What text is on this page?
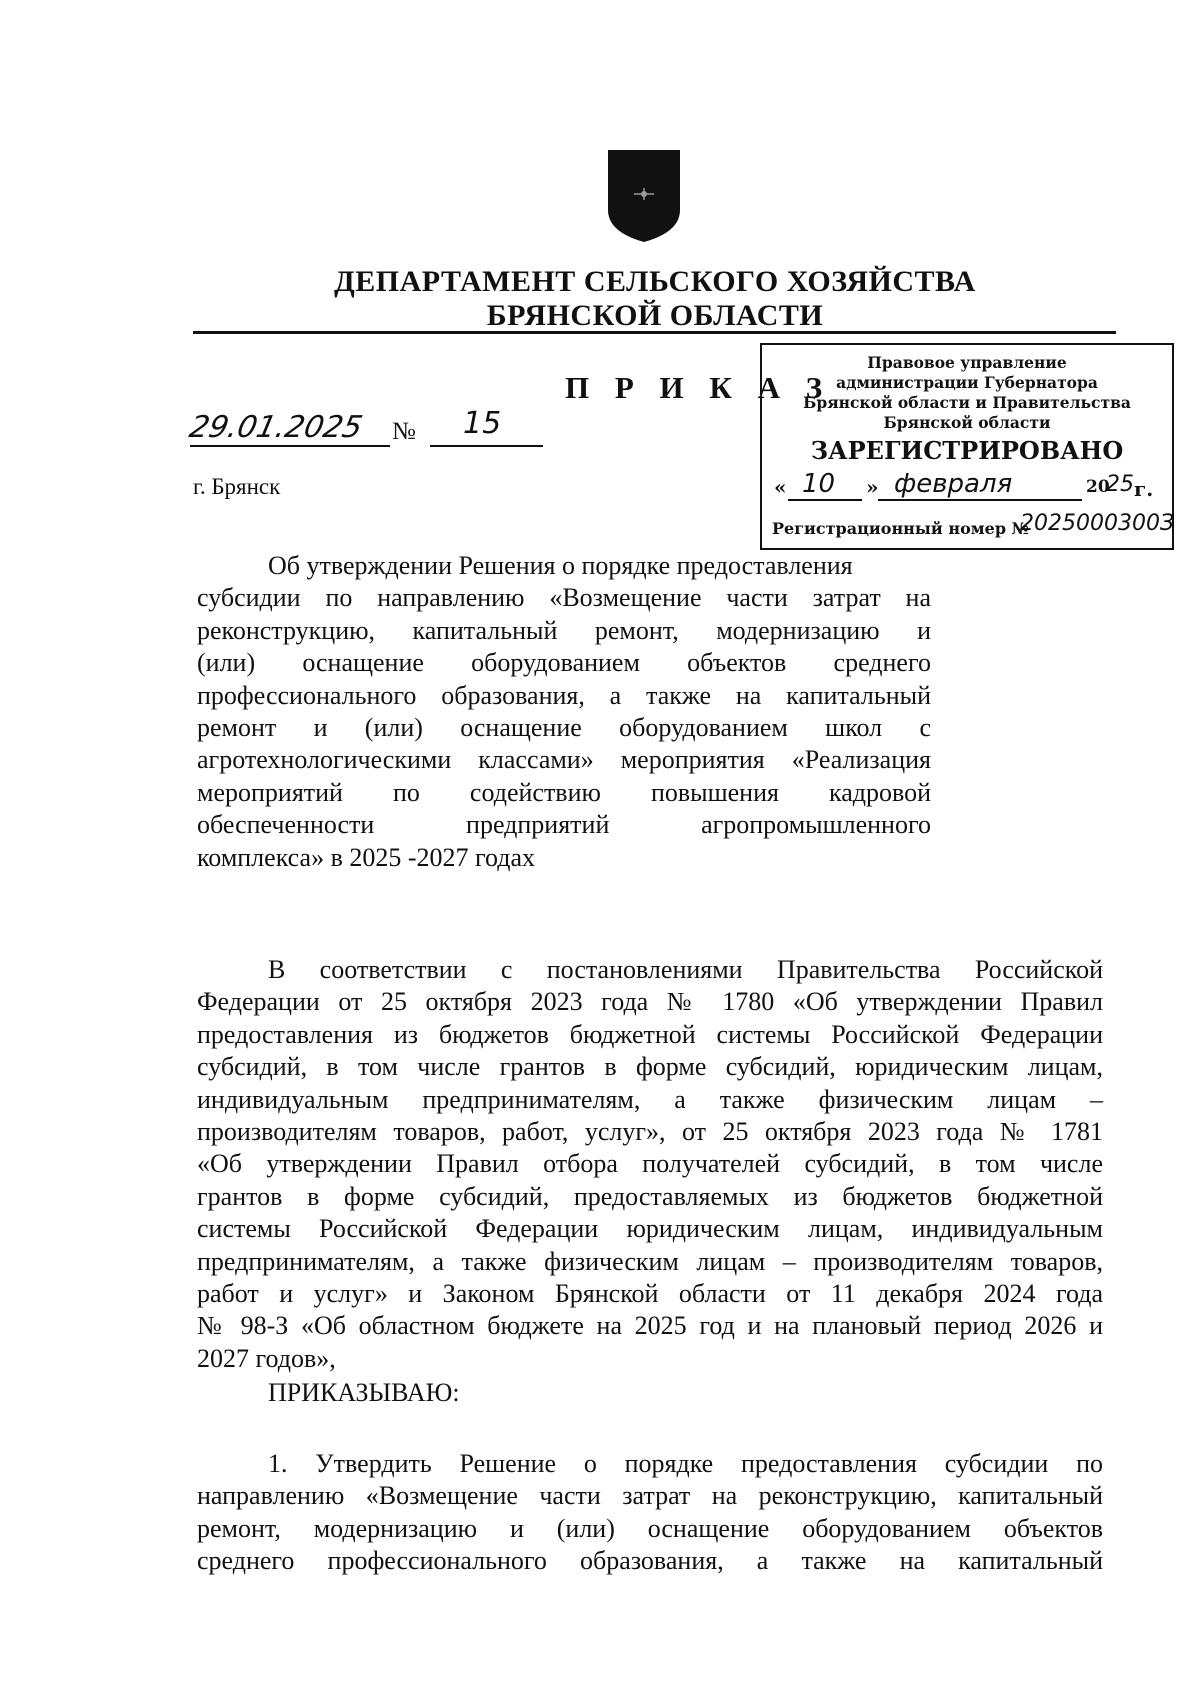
ДЕПАРТАМЕНТ СЕЛЬСКОГО ХОЗЯЙСТВА
БРЯНСКОЙ ОБЛАСТИ
П Р И К А З
29.01.2025 № 15
г. Брянск
Правовое управление
администрации Губернатора
Брянской области и Правительства
Брянской области
ЗАРЕГИСТРИРОВАНО
« 10 » февраля	20
25 г.
Регистрационный номер №
2025000300З
Об утверждении Решения о порядке предоставления
субсидии по направлению «Возмещение части затрат на
реконструкцию, капитальный ремонт, модернизацию и
(или) оснащение оборудованием объектов среднего
профессионального образования, а также на капитальный
ремонт и (или) оснащение оборудованием школ с
агротехнологическими классами» мероприятия «Реализация
мероприятий по содействию повышения кадровой
обеспеченности предприятий агропромышленного
комплекса» в 2025 -2027 годах
В соответствии с постановлениями Правительства Российской
Федерации от 25 октября 2023 года № 1780 «Об утверждении Правил
предоставления из бюджетов бюджетной системы Российской Федерации
субсидий, в том числе грантов в форме субсидий, юридическим лицам,
индивидуальным предпринимателям, а также физическим лицам –
производителям товаров, работ, услуг», от 25 октября 2023 года № 1781
«Об утверждении Правил отбора получателей субсидий, в том числе
грантов в форме субсидий, предоставляемых из бюджетов бюджетной
системы Российской Федерации юридическим лицам, индивидуальным
предпринимателям, а также физическим лицам – производителям товаров,
работ и услуг» и Законом Брянской области от 11 декабря 2024 года
№ 98-З «Об областном бюджете на 2025 год и на плановый период 2026 и
2027 годов»,
ПРИКАЗЫВАЮ:
1. Утвердить Решение о порядке предоставления субсидии по
направлению «Возмещение части затрат на реконструкцию, капитальный
ремонт, модернизацию и (или) оснащение оборудованием объектов
среднего профессионального образования, а также на капитальный
